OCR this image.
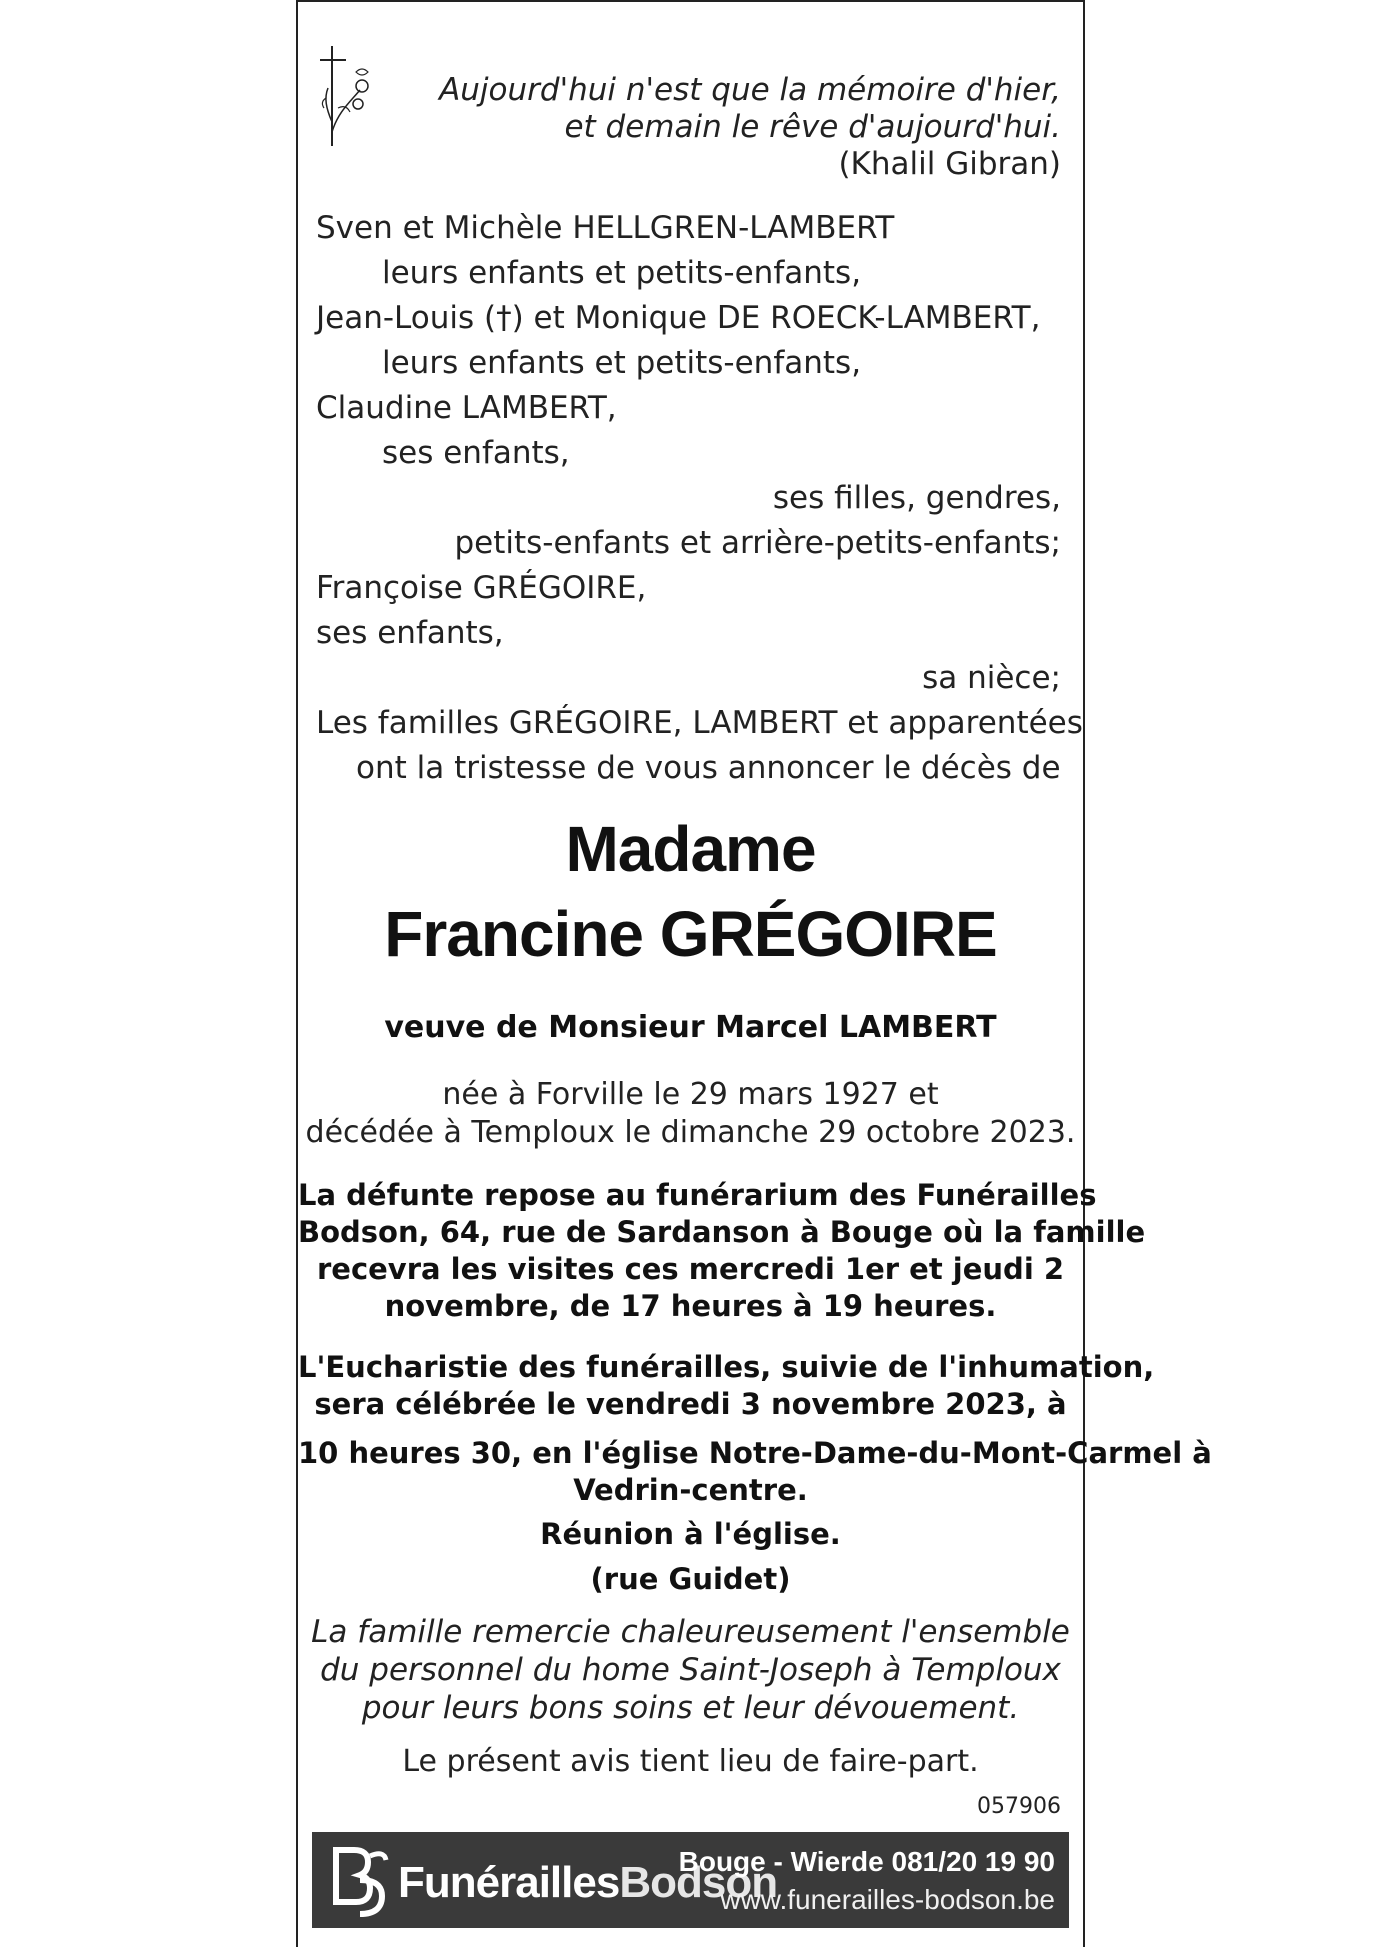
Aujourd'hui n'est que la mémoire d'hier,
et demain le rêve d'aujourd'hui.
(Khalil Gibran)
Sven et Michèle HELLGREN-LAMBERT
leurs enfants et petits-enfants,
Jean-Louis (†) et Monique DE ROECK-LAMBERT,
leurs enfants et petits-enfants,
Claudine LAMBERT,
ses enfants,
ses filles, gendres,
petits-enfants et arrière-petits-enfants;
Françoise GRÉGOIRE,
ses enfants,
sa nièce;
Les familles GRÉGOIRE, LAMBERT et apparentées
ont la tristesse de vous annoncer le décès de
Madame
Francine GRÉGOIRE
veuve de Monsieur Marcel LAMBERT
née à Forville le 29 mars 1927 et
décédée à Temploux le dimanche 29 octobre 2023.
La défunte repose au funérarium des Funérailles
Bodson, 64, rue de Sardanson à Bouge où la famille
recevra les visites ces mercredi 1er et jeudi 2
novembre, de 17 heures à 19 heures.
L'Eucharistie des funérailles, suivie de l'inhumation,
sera célébrée le vendredi 3 novembre 2023, à
10 heures 30, en l'église Notre-Dame-du-Mont-Carmel à
Vedrin-centre.
Réunion à l'église.
(rue Guidet)
La famille remercie chaleureusement l'ensemble
du personnel du home Saint-Joseph à Temploux
pour leurs bons soins et leur dévouement.
Le présent avis tient lieu de faire-part.
057906
FunéraillesBodson
Bouge - Wierde 081/20 19 90
www.funerailles-bodson.be
